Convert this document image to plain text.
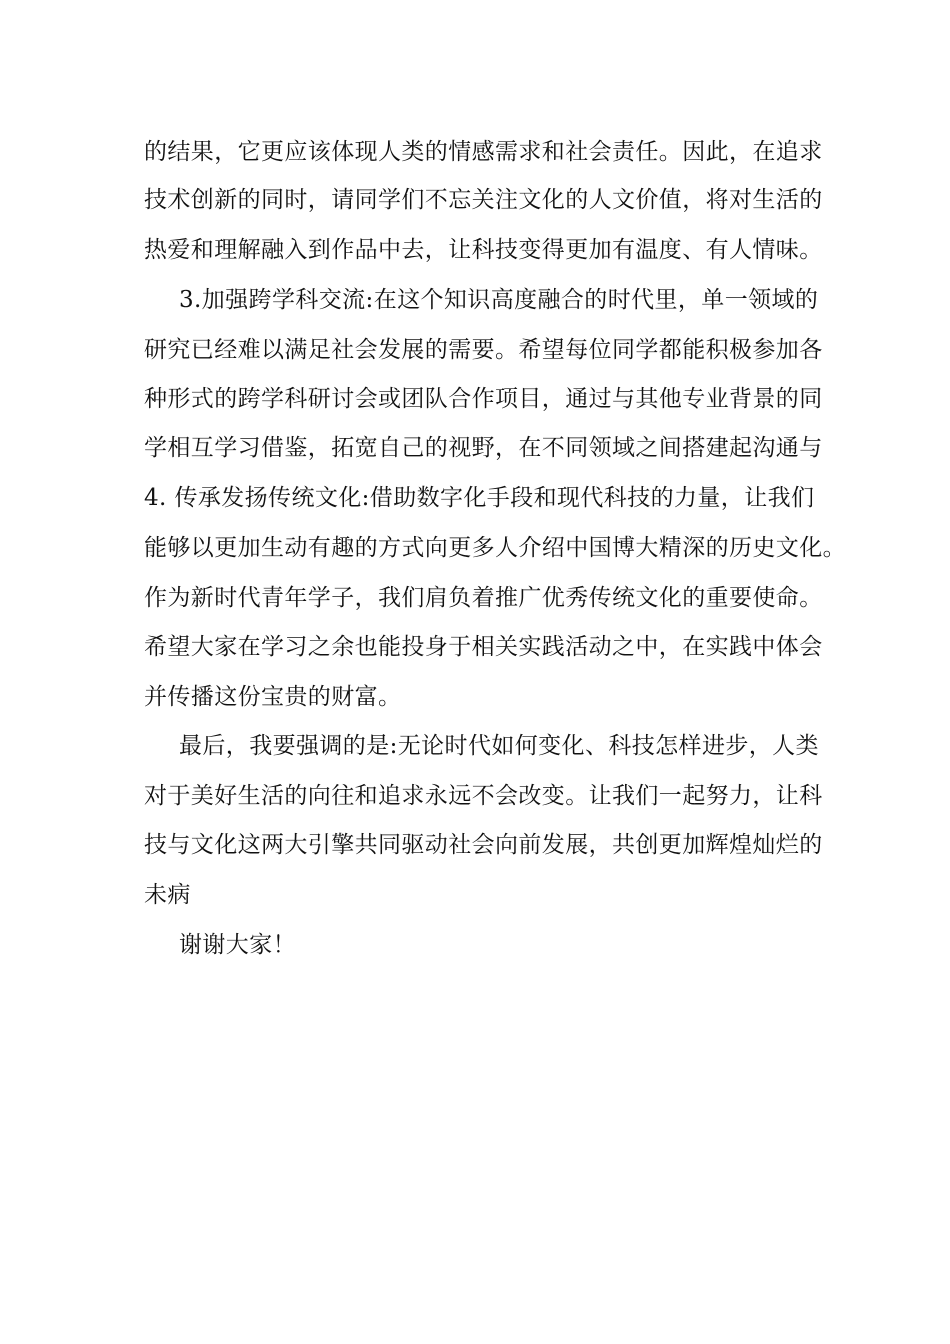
的结果，它更应该体现人类的情感需求和社会责任。因此，在追求
技术创新的同时，请同学们不忘关注文化的人文价值，将对生活的
热爱和理解融入到作品中去，让科技变得更加有温度、有人情味。
3.加强跨学科交流:在这个知识高度融合的时代里，单一领域的
研究已经难以满足社会发展的需要。希望每位同学都能积极参加各
种形式的跨学科研讨会或团队合作项目，通过与其他专业背景的同
学相互学习借鉴，拓宽自己的视野，在不同领域之间搭建起沟通与
4. 传承发扬传统文化:借助数字化手段和现代科技的力量，让我们
能够以更加生动有趣的方式向更多人介绍中国博大精深的历史文化。
作为新时代青年学子，我们肩负着推广优秀传统文化的重要使命。
希望大家在学习之余也能投身于相关实践活动之中，在实践中体会
并传播这份宝贵的财富。
最后，我要强调的是:无论时代如何变化、科技怎样进步，人类
对于美好生活的向往和追求永远不会改变。让我们一起努力，让科
技与文化这两大引擎共同驱动社会向前发展，共创更加辉煌灿烂的
未病
谢谢大家！
